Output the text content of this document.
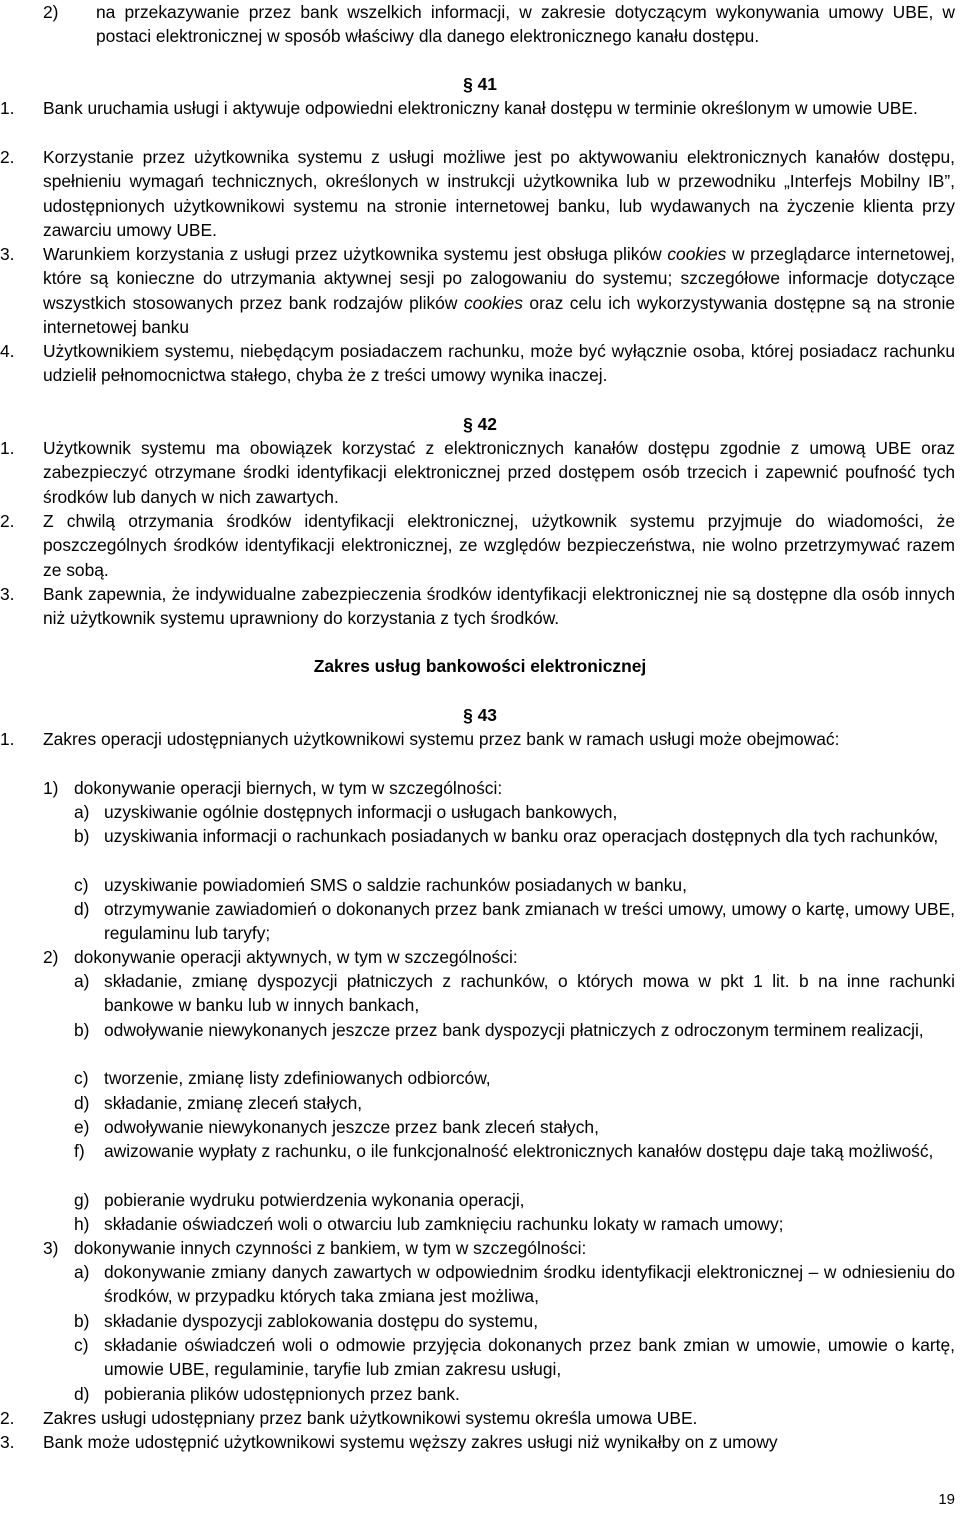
2) na przekazywanie przez bank wszelkich informacji, w zakresie dotyczącym wykonywania umowy UBE, w postaci elektronicznej w sposób właściwy dla danego elektronicznego kanału dostępu.
§ 41
1. Bank uruchamia usługi i aktywuje odpowiedni elektroniczny kanał dostępu w terminie określonym w umowie UBE.
2. Korzystanie przez użytkownika systemu z usługi możliwe jest po aktywowaniu elektronicznych kanałów dostępu, spełnieniu wymagań technicznych, określonych w instrukcji użytkownika lub w przewodniku „Interfejs Mobilny IB”, udostępnionych użytkownikowi systemu na stronie internetowej banku, lub wydawanych na życzenie klienta przy zawarciu umowy UBE.
3. Warunkiem korzystania z usługi przez użytkownika systemu jest obsługa plików cookies w przeglądarce internetowej, które są konieczne do utrzymania aktywnej sesji po zalogowaniu do systemu; szczegółowe informacje dotyczące wszystkich stosowanych przez bank rodzajów plików cookies oraz celu ich wykorzystywania dostępne są na stronie internetowej banku
4. Użytkownikiem systemu, niebędącym posiadaczem rachunku, może być wyłącznie osoba, której posiadacz rachunku udzielił pełnomocnictwa stałego, chyba że z treści umowy wynika inaczej.
§ 42
1. Użytkownik systemu ma obowiązek korzystać z elektronicznych kanałów dostępu zgodnie z umową UBE oraz zabezpieczyć otrzymane środki identyfikacji elektronicznej przed dostępem osób trzecich i zapewnić poufność tych środków lub danych w nich zawartych.
2. Z chwilą otrzymania środków identyfikacji elektronicznej, użytkownik systemu przyjmuje do wiadomości, że poszczególnych środków identyfikacji elektronicznej, ze względów bezpieczeństwa, nie wolno przetrzymywać razem ze sobą.
3. Bank zapewnia, że indywidualne zabezpieczenia środków identyfikacji elektronicznej nie są dostępne dla osób innych niż użytkownik systemu uprawniony do korzystania z tych środków.
Zakres usług bankowości elektronicznej
§ 43
1. Zakres operacji udostępnianych użytkownikowi systemu przez bank w ramach usługi może obejmować:
1) dokonywanie operacji biernych, w tym w szczególności:
a) uzyskiwanie ogólnie dostępnych informacji o usługach bankowych,
b) uzyskiwania informacji o rachunkach posiadanych w banku oraz operacjach dostępnych dla tych rachunków,
c) uzyskiwanie powiadomień SMS o saldzie rachunków posiadanych w banku,
d) otrzymywanie zawiadomień o dokonanych przez bank zmianach w treści umowy, umowy o kartę, umowy UBE, regulaminu lub taryfy;
2) dokonywanie operacji aktywnych, w tym w szczególności:
a) składanie, zmianę dyspozycji płatniczych z rachunków, o których mowa w pkt 1 lit. b na inne rachunki bankowe w banku lub w innych bankach,
b) odwoływanie niewykonanych jeszcze przez bank dyspozycji płatniczych z odroczonym terminem realizacji,
c) tworzenie, zmianę listy zdefiniowanych odbiorców,
d) składanie, zmianę zleceń stałych,
e) odwoływanie niewykonanych jeszcze przez bank zleceń stałych,
f) awizowanie wypłaty z rachunku, o ile funkcjonalność elektronicznych kanałów dostępu daje taką możliwość,
g) pobieranie wydruku potwierdzenia wykonania operacji,
h) składanie oświadczeń woli o otwarciu lub zamknięciu rachunku lokaty w ramach umowy;
3) dokonywanie innych czynności z bankiem, w tym w szczególności:
a) dokonywanie zmiany danych zawartych w odpowiednim środku identyfikacji elektronicznej – w odniesieniu do środków, w przypadku których taka zmiana jest możliwa,
b) składanie dyspozycji zablokowania dostępu do systemu,
c) składanie oświadczeń woli o odmowie przyjęcia dokonanych przez bank zmian w umowie, umowie o kartę, umowie UBE, regulaminie, taryfie lub zmian zakresu usługi,
d) pobierania plików udostępnionych przez bank.
2. Zakres usługi udostępniany przez bank użytkownikowi systemu określa umowa UBE.
3. Bank może udostępnić użytkownikowi systemu węższy zakres usługi niż wynikałby on z umowy
19
